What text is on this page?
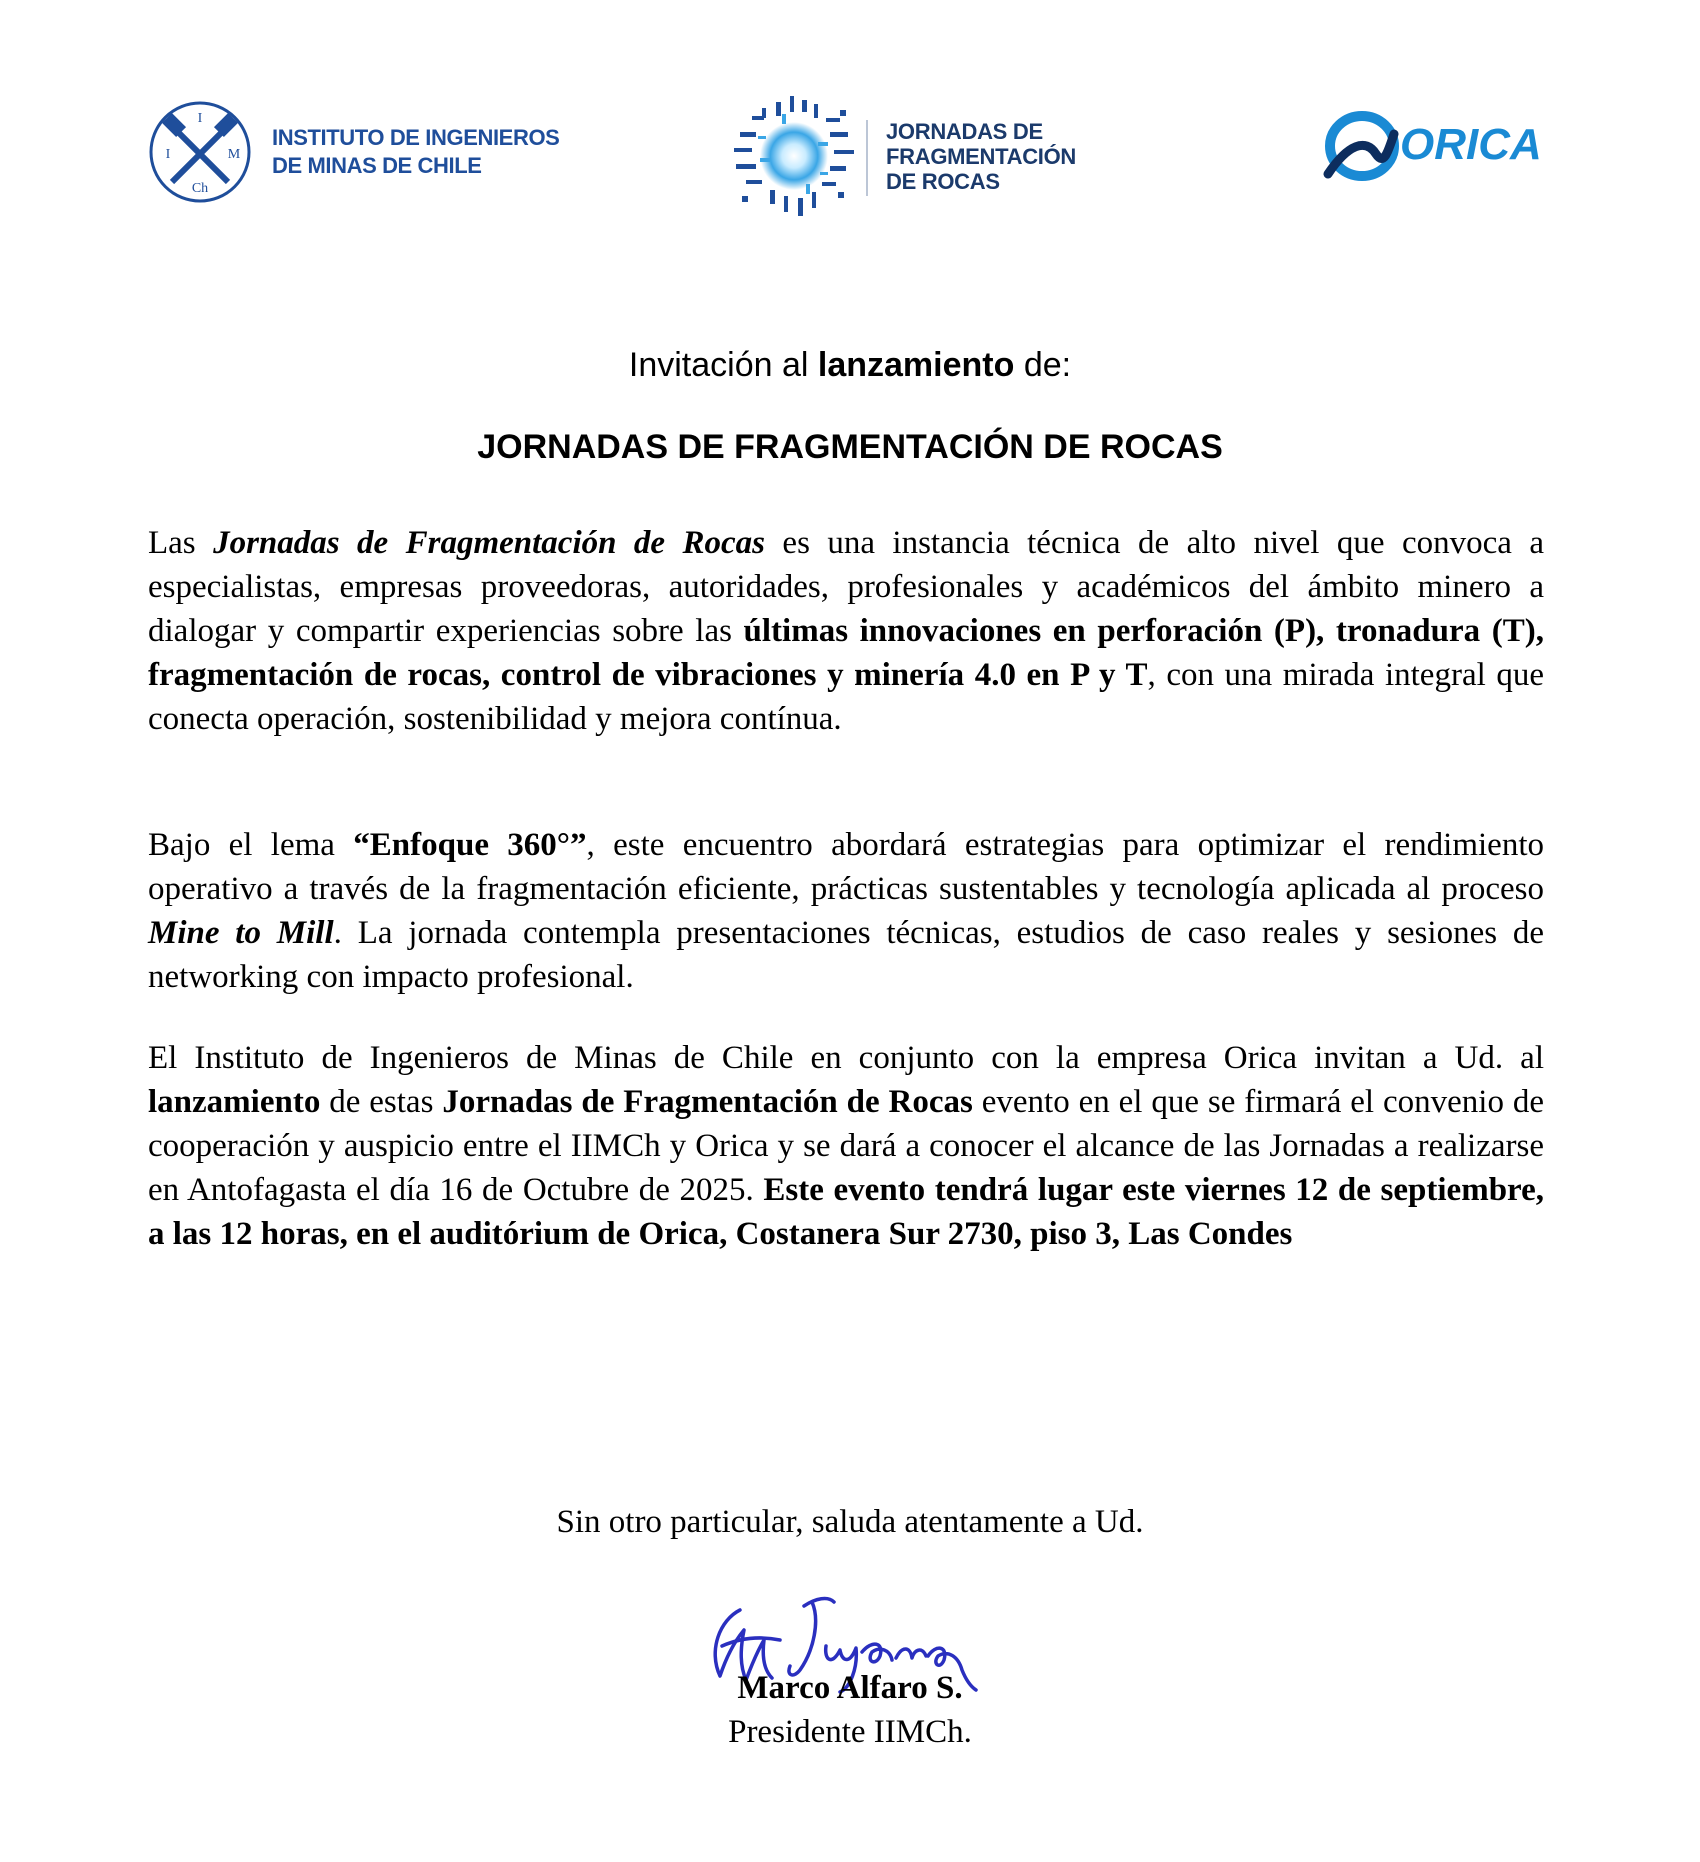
I
I	M
Ch
INSTITUTO DE INGENIEROS
DE MINAS DE CHILE
JORNADAS DE
FRAGMENTACIÓN
DE ROCAS
ORICA
Invitación al lanzamiento de:
JORNADAS DE FRAGMENTACIÓN DE ROCAS

Las Jornadas de Fragmentación de Rocas es una instancia técnica de alto nivel que convoca a especialistas, empresas proveedoras, autoridades, profesionales y académicos del ámbito minero a dialogar y compartir experiencias sobre las últimas innovaciones en perforación (P), tronadura (T), fragmentación de rocas, control de vibraciones y minería 4.0 en P y T, con una mirada integral que conecta operación, sostenibilidad y mejora contínua.

Bajo el lema “Enfoque 360°”, este encuentro abordará estrategias para optimizar el rendimiento operativo a través de la fragmentación eficiente, prácticas sustentables y tecnología aplicada al proceso Mine to Mill. La jornada contempla presentaciones técnicas, estudios de caso reales y sesiones de networking con impacto profesional.

El Instituto de Ingenieros de Minas de Chile en conjunto con la empresa Orica invitan a Ud. al lanzamiento de estas Jornadas de Fragmentación de Rocas evento en el que se firmará el convenio de cooperación y auspicio entre el IIMCh y Orica y se dará a conocer el alcance de las Jornadas a realizarse en Antofagasta el día 16 de Octubre de 2025. Este evento tendrá lugar este viernes 12 de septiembre, a las 12 horas, en el auditórium de Orica, Costanera Sur 2730, piso 3, Las Condes

Sin otro particular, saluda atentamente a Ud.
Marco Alfaro S.
Presidente IIMCh.
